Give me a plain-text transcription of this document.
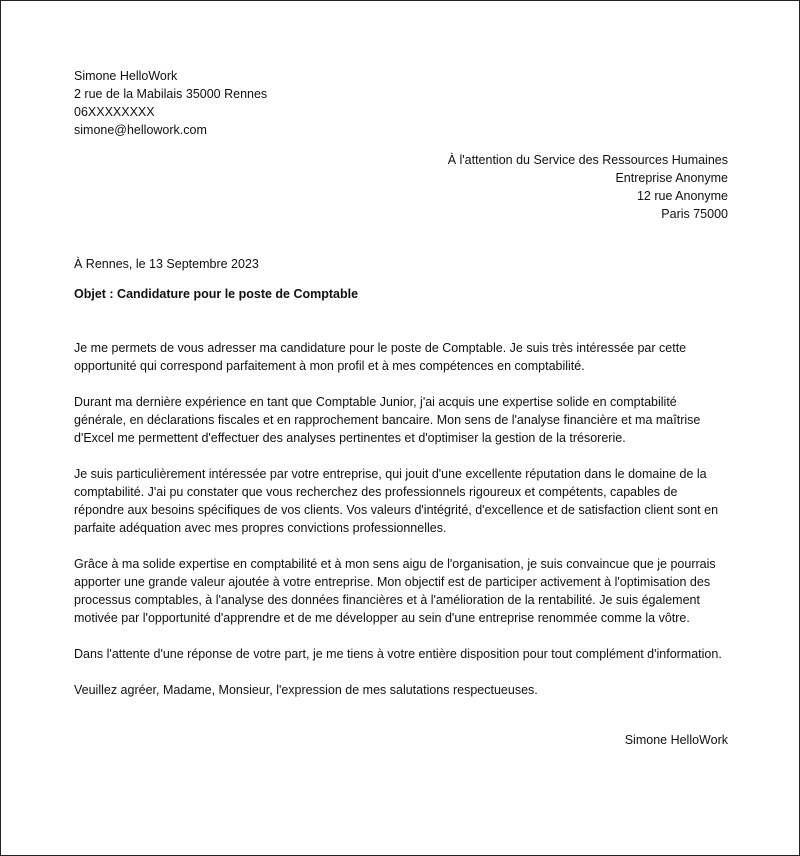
Simone HelloWork
2 rue de la Mabilais 35000 Rennes
06XXXXXXXX
simone@hellowork.com
À l'attention du Service des Ressources Humaines
Entreprise Anonyme
12 rue Anonyme
Paris 75000
À Rennes, le 13 Septembre 2023
Objet : Candidature pour le poste de Comptable

Je me permets de vous adresser ma candidature pour le poste de Comptable. Je suis très intéressée par cette opportunité qui correspond parfaitement à mon profil et à mes compétences en comptabilité.

Durant ma dernière expérience en tant que Comptable Junior, j'ai acquis une expertise solide en comptabilité générale, en déclarations fiscales et en rapprochement bancaire. Mon sens de l'analyse financière et ma maîtrise d'Excel me permettent d'effectuer des analyses pertinentes et d'optimiser la gestion de la trésorerie.

Je suis particulièrement intéressée par votre entreprise, qui jouit d'une excellente réputation dans le domaine de la comptabilité. J'ai pu constater que vous recherchez des professionnels rigoureux et compétents, capables de répondre aux besoins spécifiques de vos clients. Vos valeurs d'intégrité, d'excellence et de satisfaction client sont en parfaite adéquation avec mes propres convictions professionnelles.

Grâce à ma solide expertise en comptabilité et à mon sens aigu de l'organisation, je suis convaincue que je pourrais apporter une grande valeur ajoutée à votre entreprise. Mon objectif est de participer activement à l'optimisation des processus comptables, à l'analyse des données financières et à l'amélioration de la rentabilité. Je suis également motivée par l'opportunité d'apprendre et de me développer au sein d'une entreprise renommée comme la vôtre.

Dans l'attente d'une réponse de votre part, je me tiens à votre entière disposition pour tout complément d'information.

Veuillez agréer, Madame, Monsieur, l'expression de mes salutations respectueuses.

Simone HelloWork
